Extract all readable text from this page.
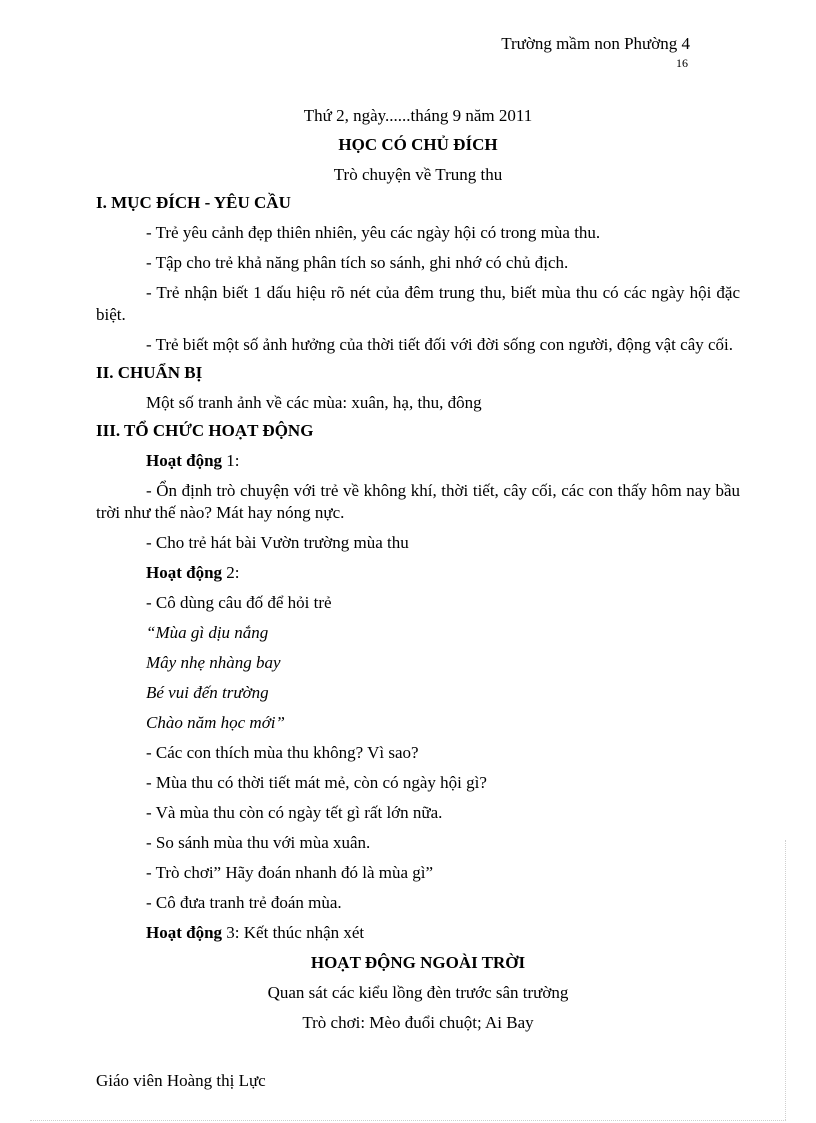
Trường mầm non Phường 4
16

Thứ 2, ngày......tháng 9 năm 2011

HỌC CÓ CHỦ ĐÍCH

Trò chuyện về Trung thu

I. MỤC ĐÍCH - YÊU CẦU

- Trẻ yêu cảnh đẹp thiên nhiên, yêu các ngày hội có trong mùa thu.

- Tập cho trẻ khả năng phân tích so sánh, ghi nhớ có chủ địch.

- Trẻ nhận biết 1 dấu hiệu rõ nét của đêm trung thu, biết mùa thu có các ngày hội đặc biệt.

- Trẻ biết một số ảnh hưởng của thời tiết đối với đời sống con người, động vật cây cối.

II. CHUẨN BỊ

Một số tranh ảnh về các mùa: xuân, hạ, thu, đông

III. TỔ CHỨC HOẠT ĐỘNG

Hoạt động 1:

- Ổn định trò chuyện với trẻ về không khí, thời tiết, cây cối, các con thấy hôm nay bầu trời như thế nào? Mát hay nóng nực.

- Cho trẻ hát bài Vườn trường mùa thu

Hoạt động 2:

- Cô dùng câu đố để hỏi trẻ

“Mùa gì dịu nắng

Mây nhẹ nhàng bay

Bé vui đến trường

Chào năm học mới”

- Các con thích mùa thu không? Vì sao?

- Mùa thu có thời tiết mát mẻ, còn có ngày hội gì?

- Và mùa thu còn có ngày tết gì rất lớn nữa.

- So sánh mùa thu với mùa xuân.

- Trò chơi” Hãy đoán nhanh đó là mùa gì”

- Cô đưa tranh trẻ đoán mùa.

Hoạt động 3: Kết thúc nhận xét

HOẠT ĐỘNG NGOÀI TRỜI

Quan sát các kiểu lồng đèn trước sân trường

Trò chơi: Mèo đuổi chuột; Ai Bay

Giáo viên Hoàng thị Lực
